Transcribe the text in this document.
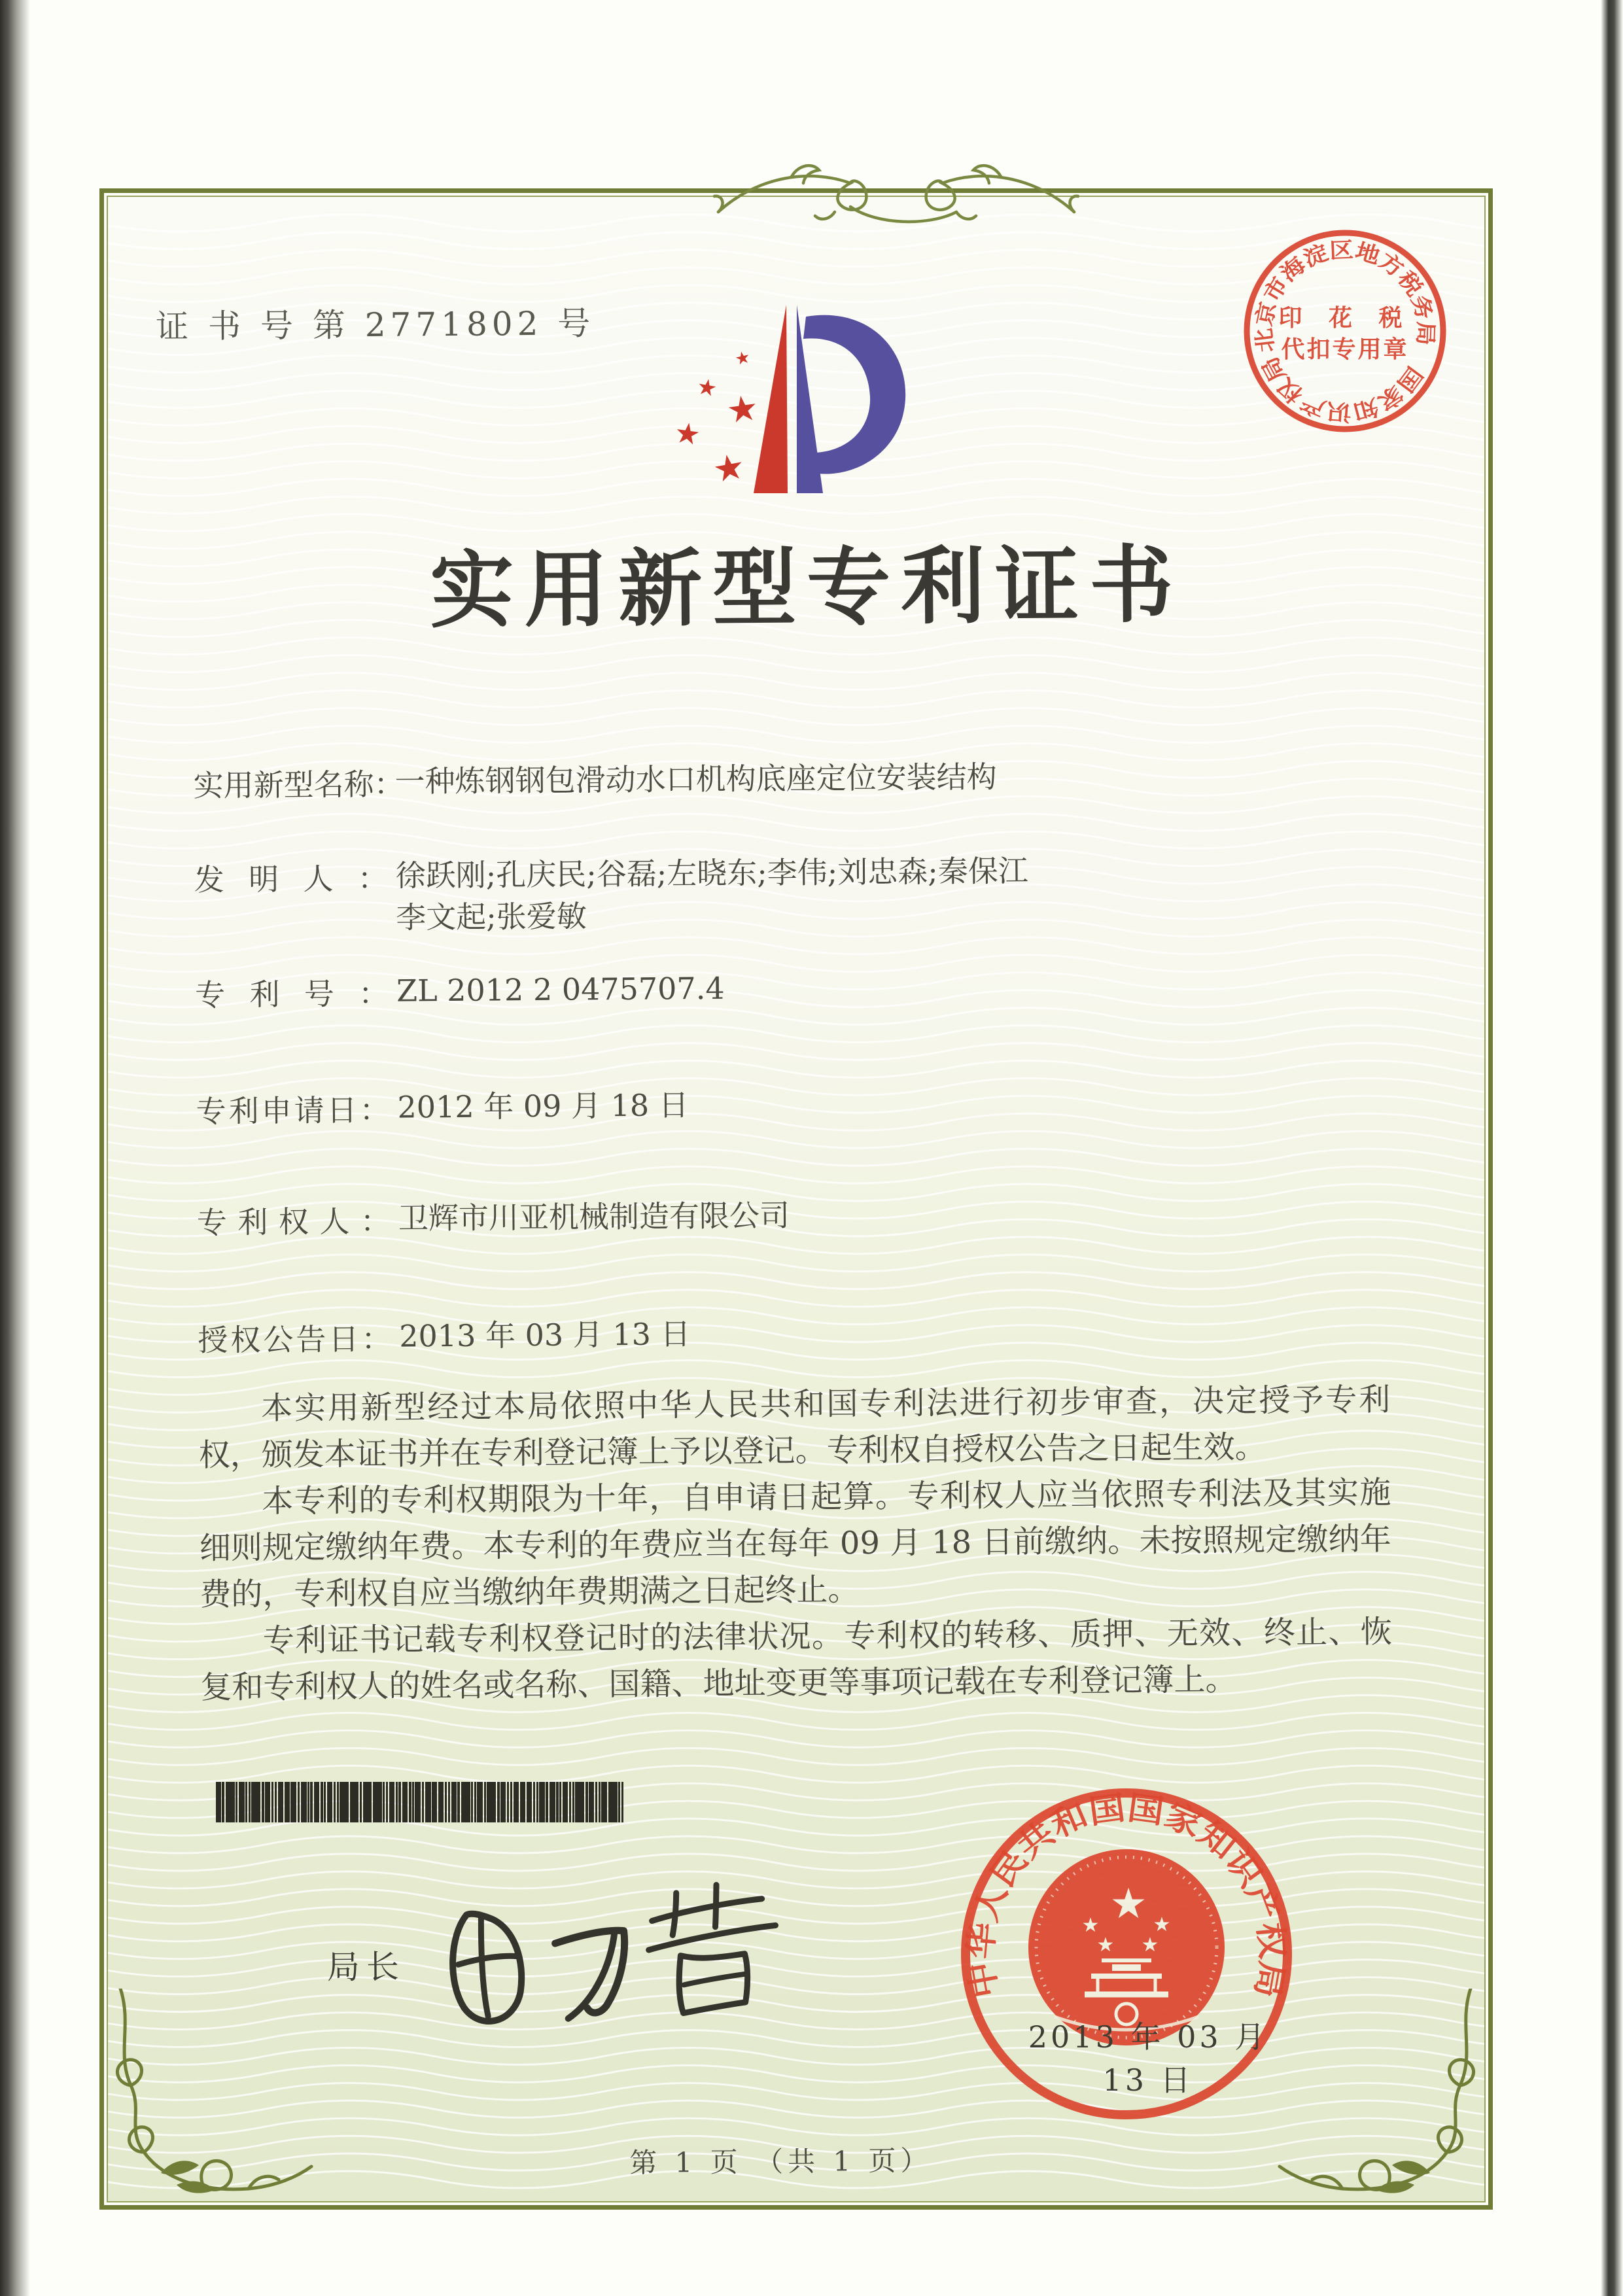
★
★ ★
★
★
北京市海淀区地方税务局
国家知识产权局
印 花 税
代扣专用章
中华人民共和国国家知识产权局
★
★	★
★ ★
2013 年 03 月 13 日
证 书 号 第 2771802 号
实用新型专利证书
实用新型名称：一种炼钢钢包滑动水口机构底座定位安装结构
发明人： 徐跃刚;孔庆民;谷磊;左晓东;李伟;刘忠森;秦保江
李文起;张爱敏
专利号： ZL 2012 2 0475707.4
专利申请日： 2012 年 09 月 18 日
专利权人： 卫辉市川亚机械制造有限公司
授权公告日： 2013 年 03 月 13 日

本实用新型经过本局依照中华人民共和国专利法进行初步审查，决定授予专利权，颁发本证书并在专利登记簿上予以登记。专利权自授权公告之日起生效。

本专利的专利权期限为十年，自申请日起算。专利权人应当依照专利法及其实施细则规定缴纳年费。本专利的年费应当在每年 09 月 18 日前缴纳。未按照规定缴纳年费的，专利权自应当缴纳年费期满之日起终止。

专利证书记载专利权登记时的法律状况。专利权的转移、质押、无效、终止、恢复和专利权人的姓名或名称、国籍、地址变更等事项记载在专利登记簿上。

局长
第 1 页 （共 1 页）
